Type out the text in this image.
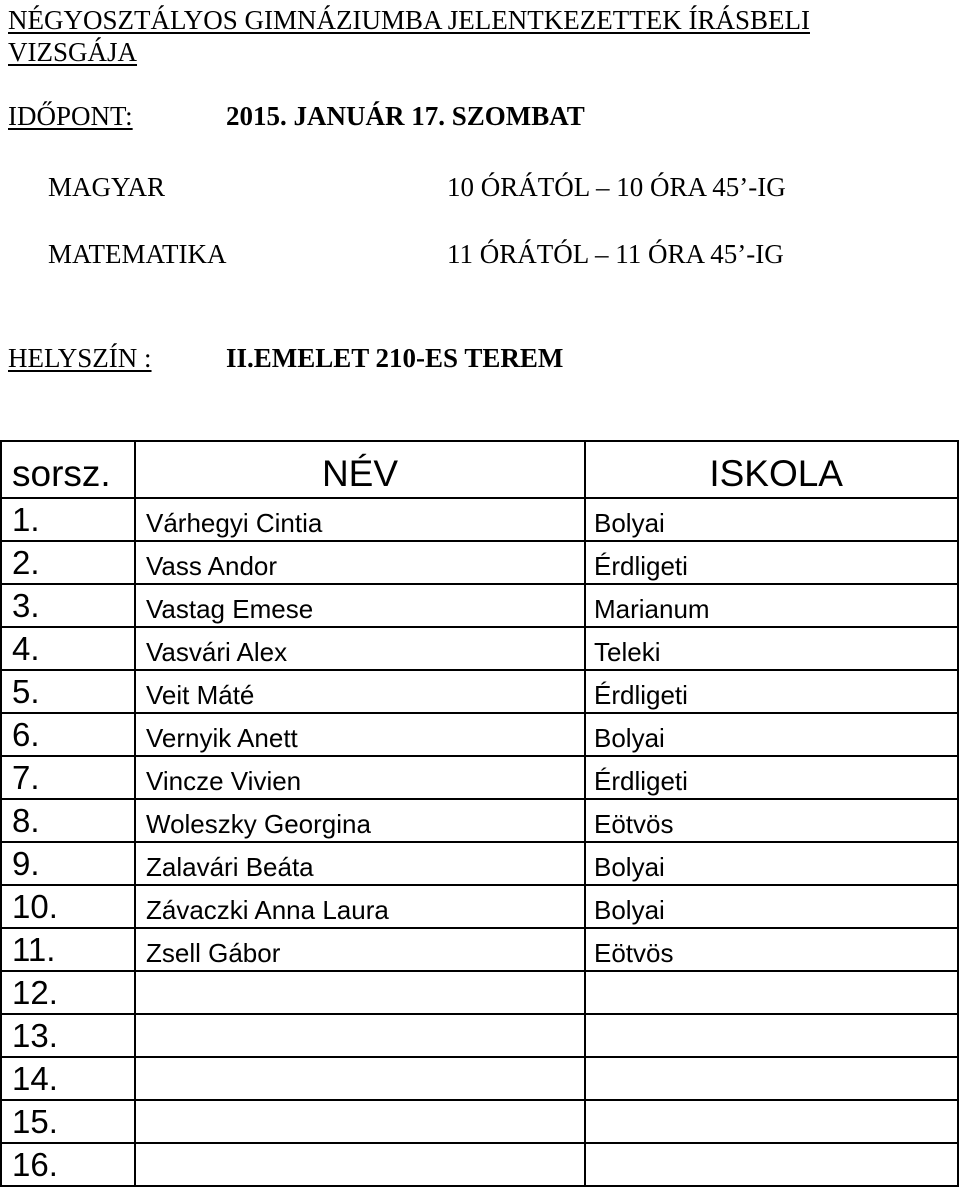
NÉGYOSZTÁLYOS GIMNÁZIUMBA JELENTKEZETTEK ÍRÁSBELI VIZSGÁJA
IDŐPONT:	2015. JANUÁR 17. SZOMBAT
MAGYAR	10 ÓRÁTÓL – 10 ÓRA 45’-IG
MATEMATIKA	11 ÓRÁTÓL – 11 ÓRA 45’-IG
HELYSZÍN :	II.EMELET 210-ES TEREM
sorsz.	NÉV	ISKOLA
1.	Várhegyi Cintia	Bolyai
2.	Vass Andor	Érdligeti
3.	Vastag Emese	Marianum
4.	Vasvári Alex	Teleki
5.	Veit Máté	Érdligeti
6.	Vernyik Anett	Bolyai
7.	Vincze Vivien	Érdligeti
8.	Woleszky Georgina	Eötvös
9.	Zalavári Beáta	Bolyai
10.	Závaczki Anna Laura	Bolyai
11.	Zsell Gábor	Eötvös
12.		
13.		
14.		
15.		
16.		
